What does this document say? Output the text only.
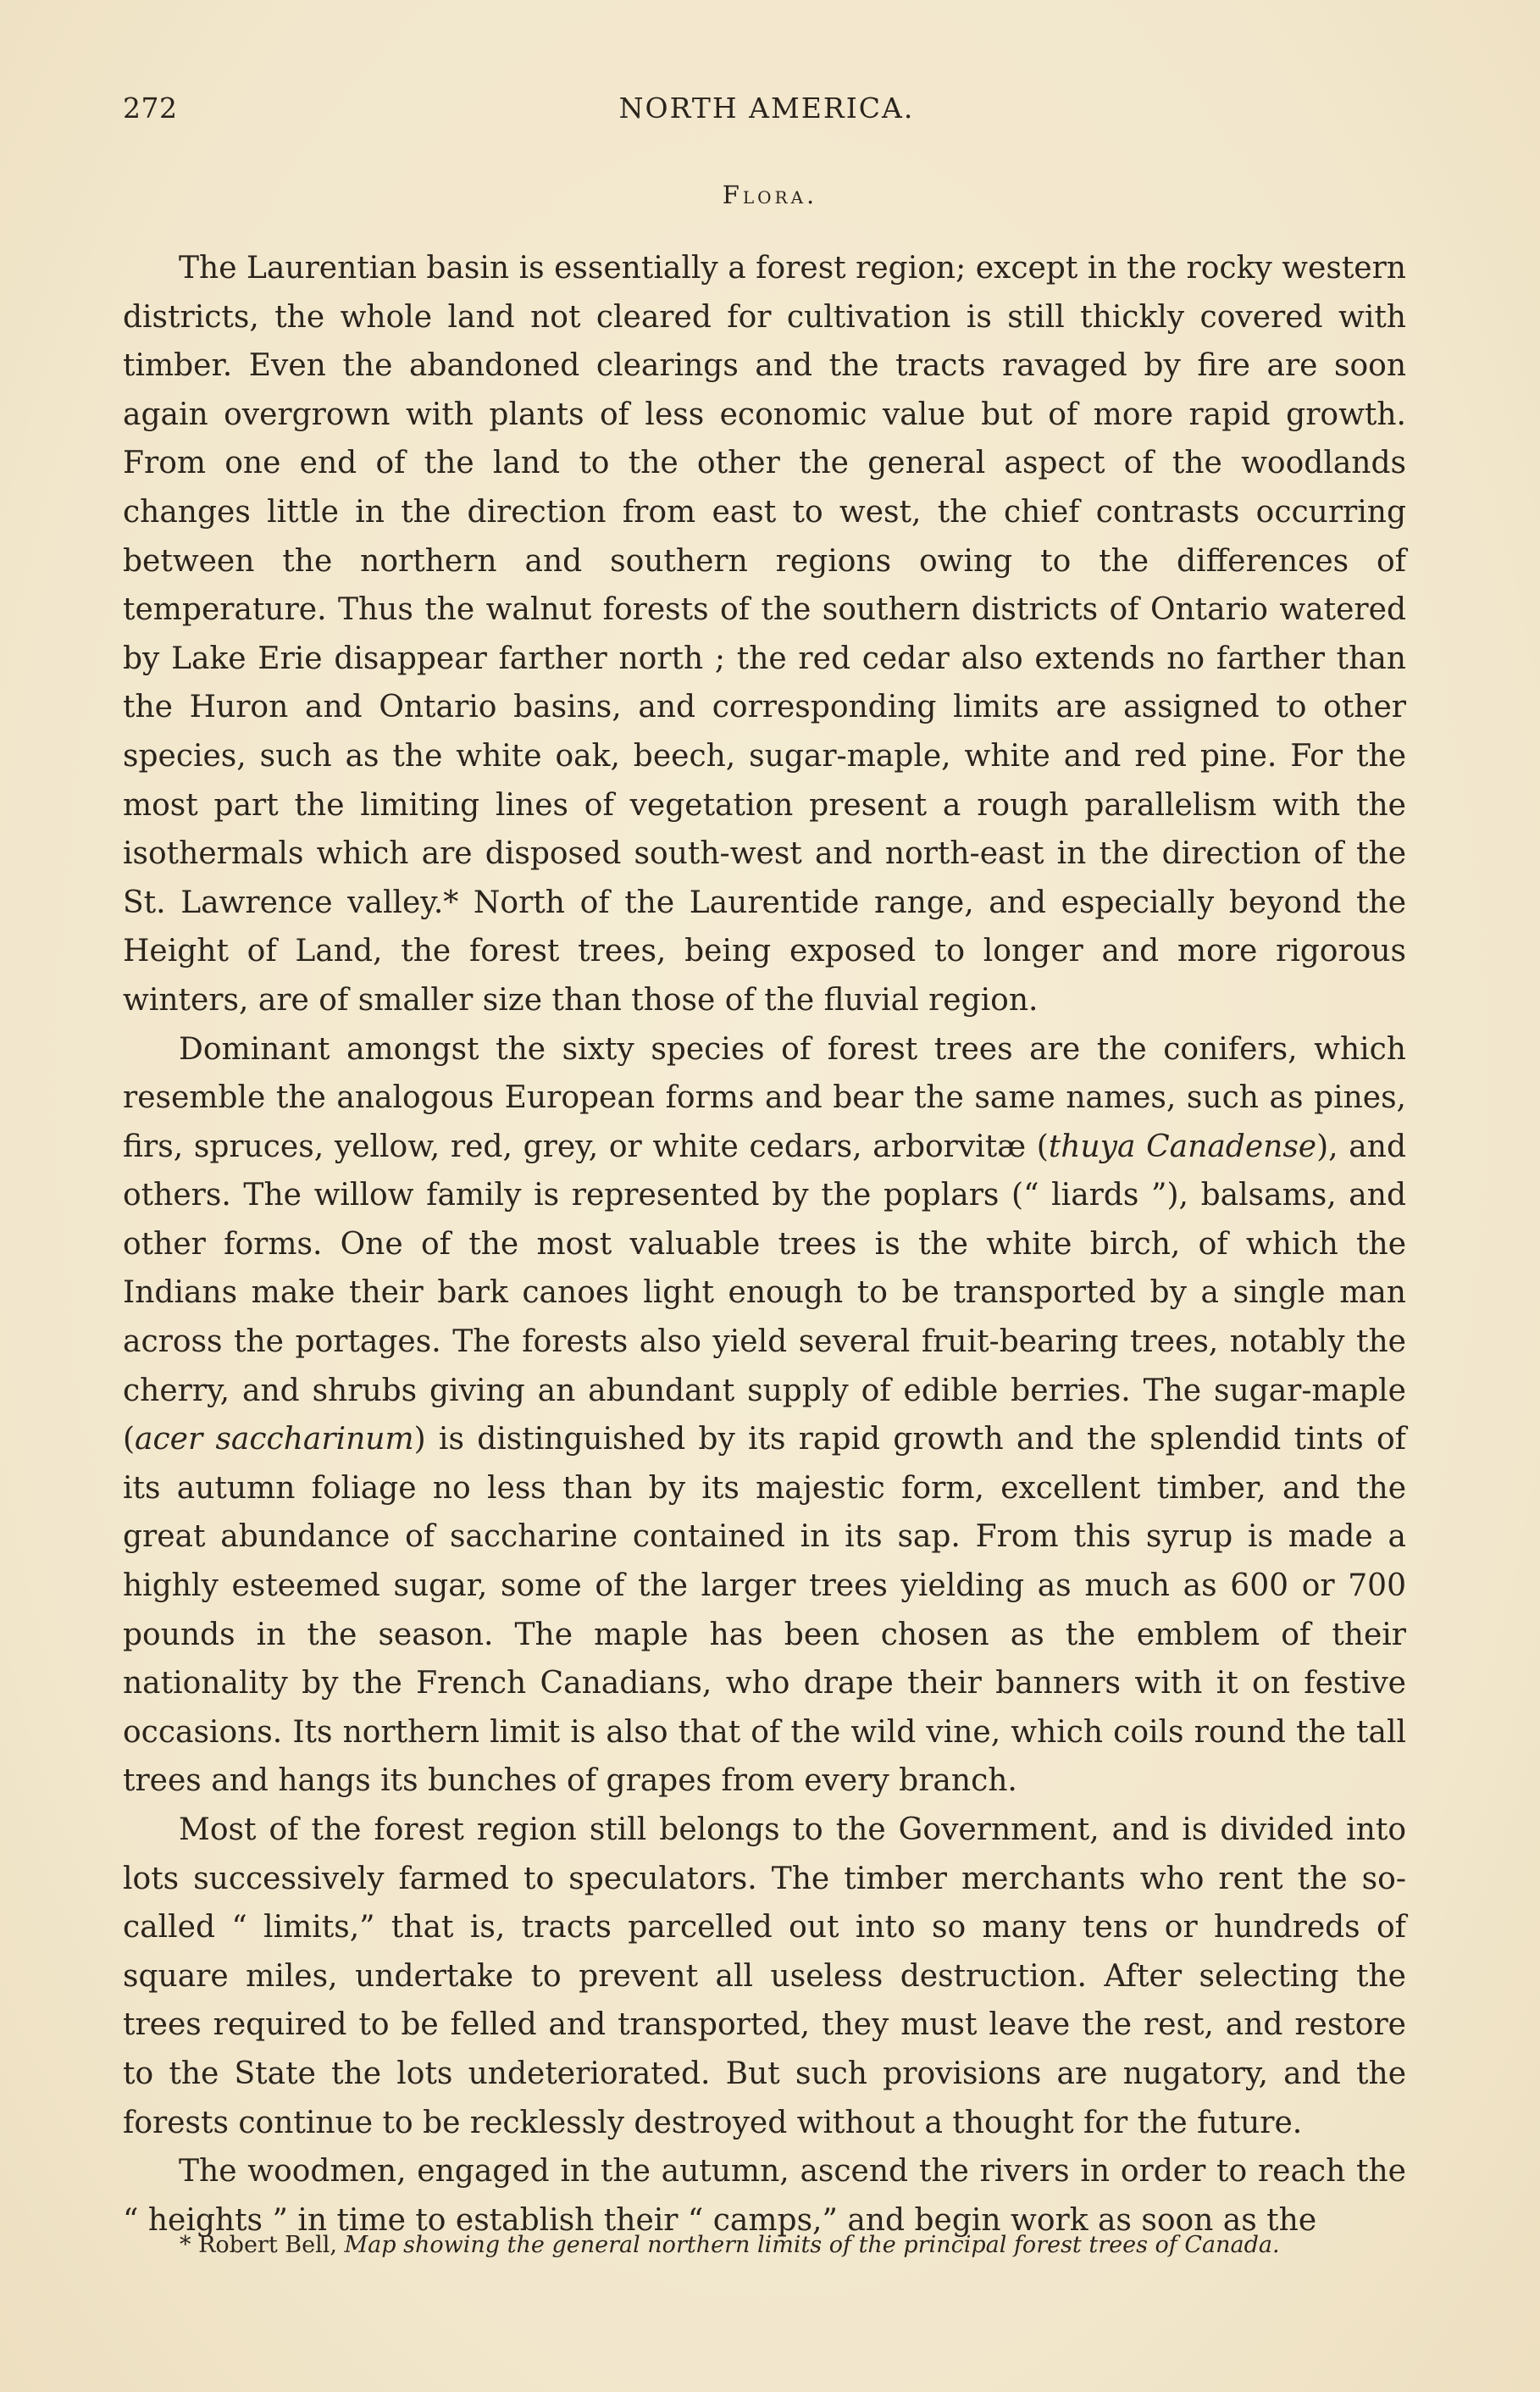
272	NORTH AMERICA.
Flora.

The Laurentian basin is essentially a forest region; except in the rocky western districts, the whole land not cleared for cultivation is still thickly covered with timber. Even the abandoned clearings and the tracts ravaged by fire are soon again overgrown with plants of less economic value but of more rapid growth. From one end of the land to the other the general aspect of the woodlands changes little in the direction from east to west, the chief contrasts occurring between the northern and southern regions owing to the differences of temperature. Thus the walnut forests of the southern districts of Ontario watered by Lake Erie disappear farther north ; the red cedar also extends no farther than the Huron and Ontario basins, and corresponding limits are assigned to other species, such as the white oak, beech, sugar-maple, white and red pine. For the most part the limiting lines of vegetation present a rough parallelism with the isothermals which are disposed south-west and north-east in the direction of the St. Lawrence valley.* North of the Laurentide range, and especially beyond the Height of Land, the forest trees, being exposed to longer and more rigorous winters, are of smaller size than those of the fluvial region.

Dominant amongst the sixty species of forest trees are the conifers, which resemble the analogous European forms and bear the same names, such as pines, firs, spruces, yellow, red, grey, or white cedars, arborvitæ (thuya Canadense), and others. The willow family is represented by the poplars (“ liards ”), balsams, and other forms. One of the most valuable trees is the white birch, of which the Indians make their bark canoes light enough to be transported by a single man across the portages. The forests also yield several fruit-bearing trees, notably the cherry, and shrubs giving an abundant supply of edible berries. The sugar-maple (acer saccharinum) is distinguished by its rapid growth and the splendid tints of its autumn foliage no less than by its majestic form, excellent timber, and the great abundance of saccharine contained in its sap. From this syrup is made a highly esteemed sugar, some of the larger trees yielding as much as 600 or 700 pounds in the season. The maple has been chosen as the emblem of their nationality by the French Canadians, who drape their banners with it on festive occasions. Its northern limit is also that of the wild vine, which coils round the tall trees and hangs its bunches of grapes from every branch.

Most of the forest region still belongs to the Government, and is divided into lots successively farmed to speculators. The timber merchants who rent the so-called “ limits,” that is, tracts parcelled out into so many tens or hundreds of square miles, undertake to prevent all useless destruction. After selecting the trees required to be felled and transported, they must leave the rest, and restore to the State the lots undeteriorated. But such provisions are nugatory, and the forests continue to be recklessly destroyed without a thought for the future.

The woodmen, engaged in the autumn, ascend the rivers in order to reach the “ heights ” in time to establish their “ camps,” and begin work as soon as the

* Robert Bell, Map showing the general northern limits of the principal forest trees of Canada.
